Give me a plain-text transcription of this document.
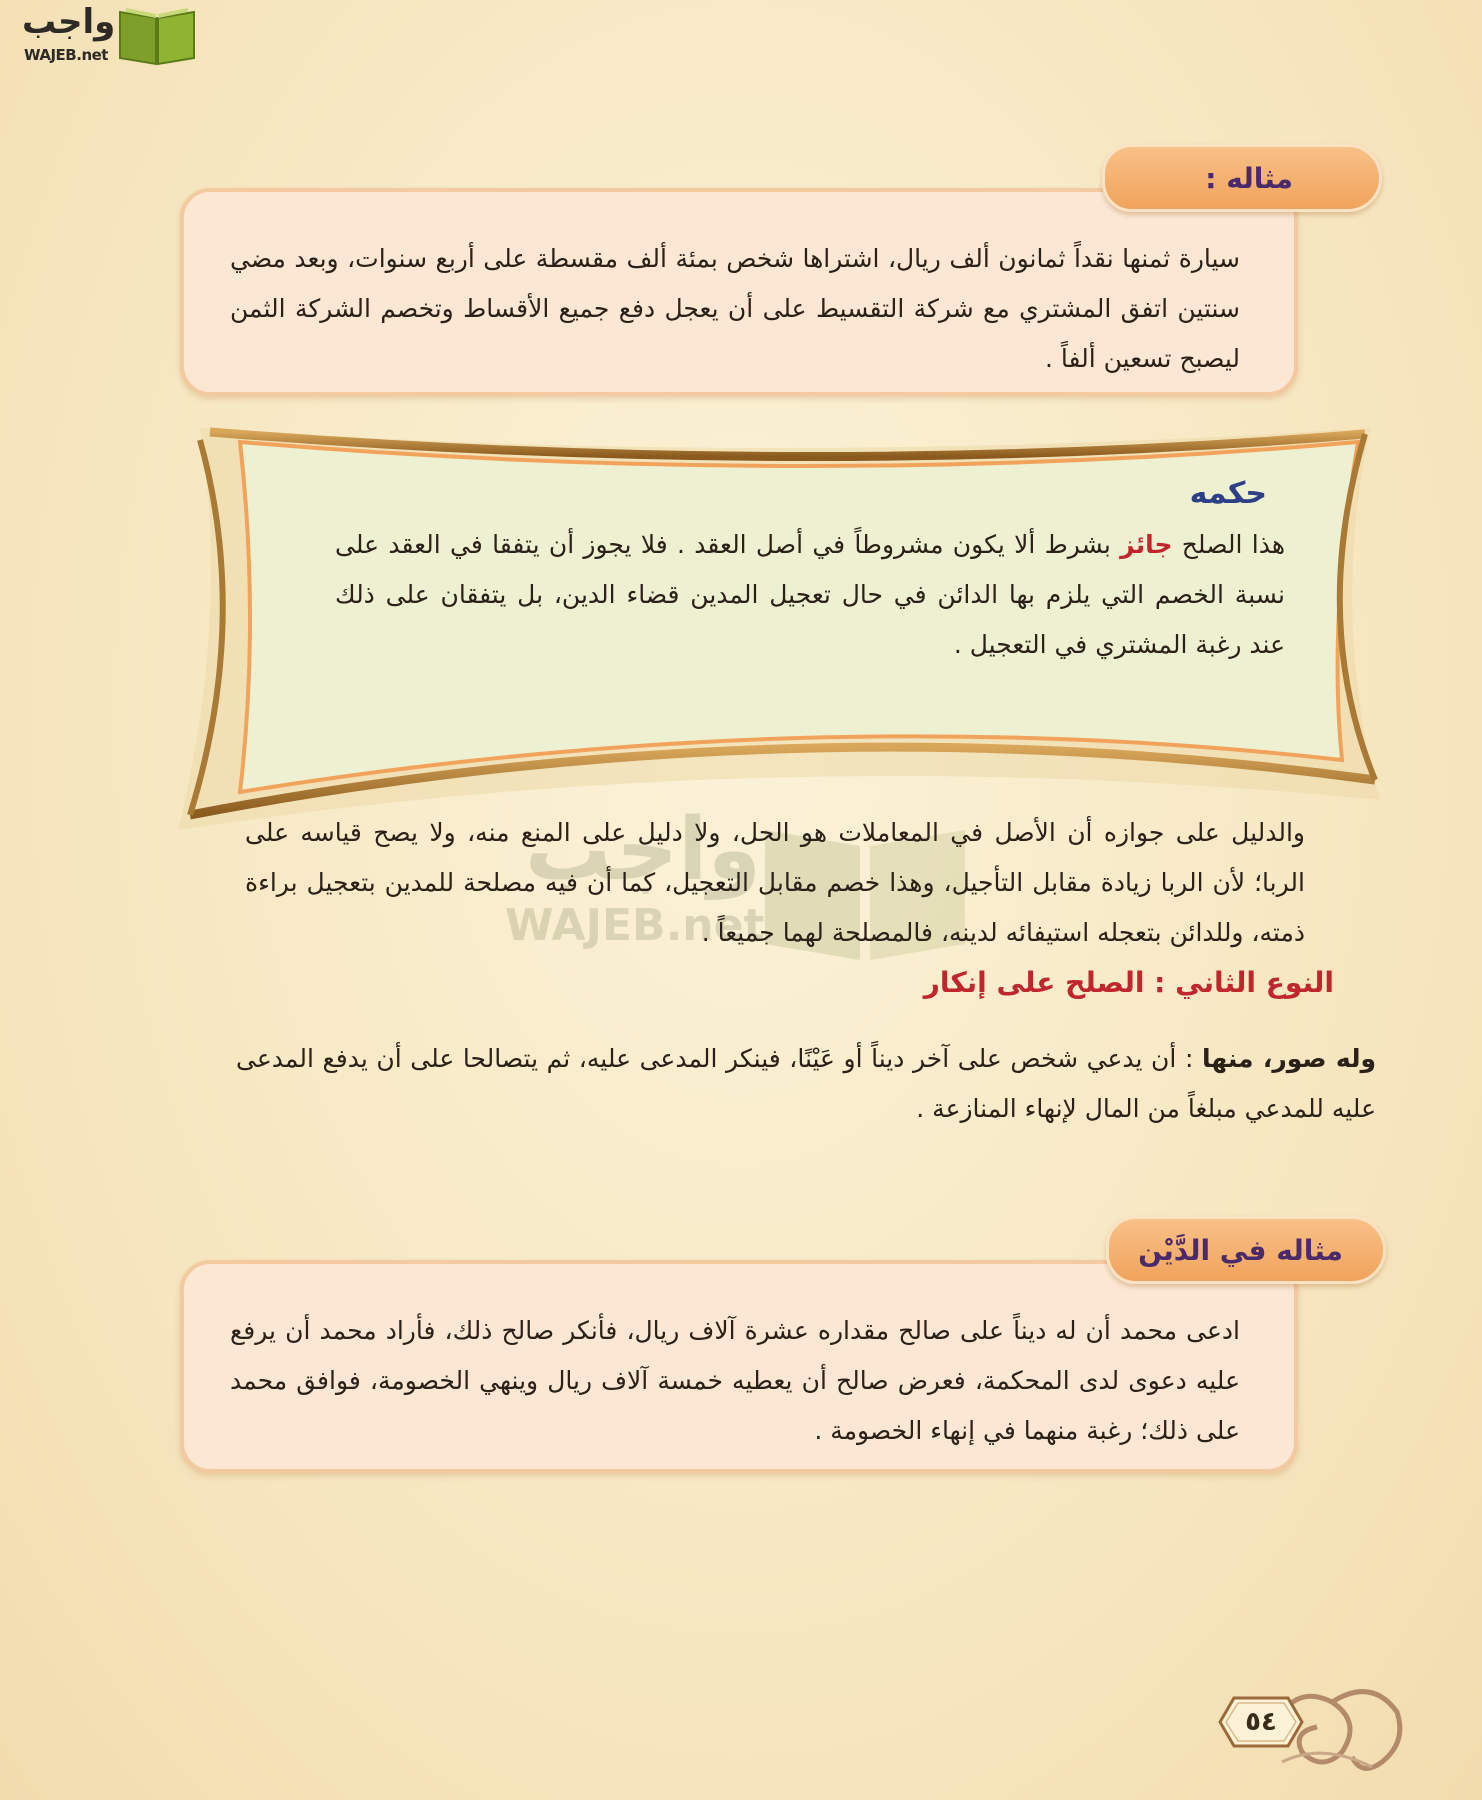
واجب
WAJEB.net

سيارة ثمنها نقداً ثمانون ألف ريال، اشتراها شخص بمئة ألف مقسطة على أربع سنوات، وبعد مضي سنتين اتفق المشتري مع شركة التقسيط على أن يعجل دفع جميع الأقساط وتخصم الشركة الثمن ليصبح تسعين ألفاً .

مثاله :
حكمه

هذا الصلح جائز بشرط ألا يكون مشروطاً في أصل العقد . فلا يجوز أن يتفقا في العقد على نسبة الخصم التي يلزم بها الدائن في حال تعجيل المدين قضاء الدين، بل يتفقان على ذلك عند رغبة المشتري في التعجيل .

واجب
WAJEB.net

والدليل على جوازه أن الأصل في المعاملات هو الحل، ولا دليل على المنع منه، ولا يصح قياسه على الربا؛ لأن الربا زيادة مقابل التأجيل، وهذا خصم مقابل التعجيل، كما أن فيه مصلحة للمدين بتعجيل براءة ذمته، وللدائن بتعجله استيفائه لدينه، فالمصلحة لهما جميعاً .

النوع الثاني : الصلح على إنكار

وله صور، منها : أن يدعي شخص على آخر ديناً أو عَيْنًا، فينكر المدعى عليه، ثم يتصالحا على أن يدفع المدعى عليه للمدعي مبلغاً من المال لإنهاء المنازعة .

ادعى محمد أن له ديناً على صالح مقداره عشرة آلاف ريال، فأنكر صالح ذلك، فأراد محمد أن يرفع عليه دعوى لدى المحكمة، فعرض صالح أن يعطيه خمسة آلاف ريال وينهي الخصومة، فوافق محمد على ذلك؛ رغبة منهما في إنهاء الخصومة .

مثاله في الدَّيْن
٥٤
